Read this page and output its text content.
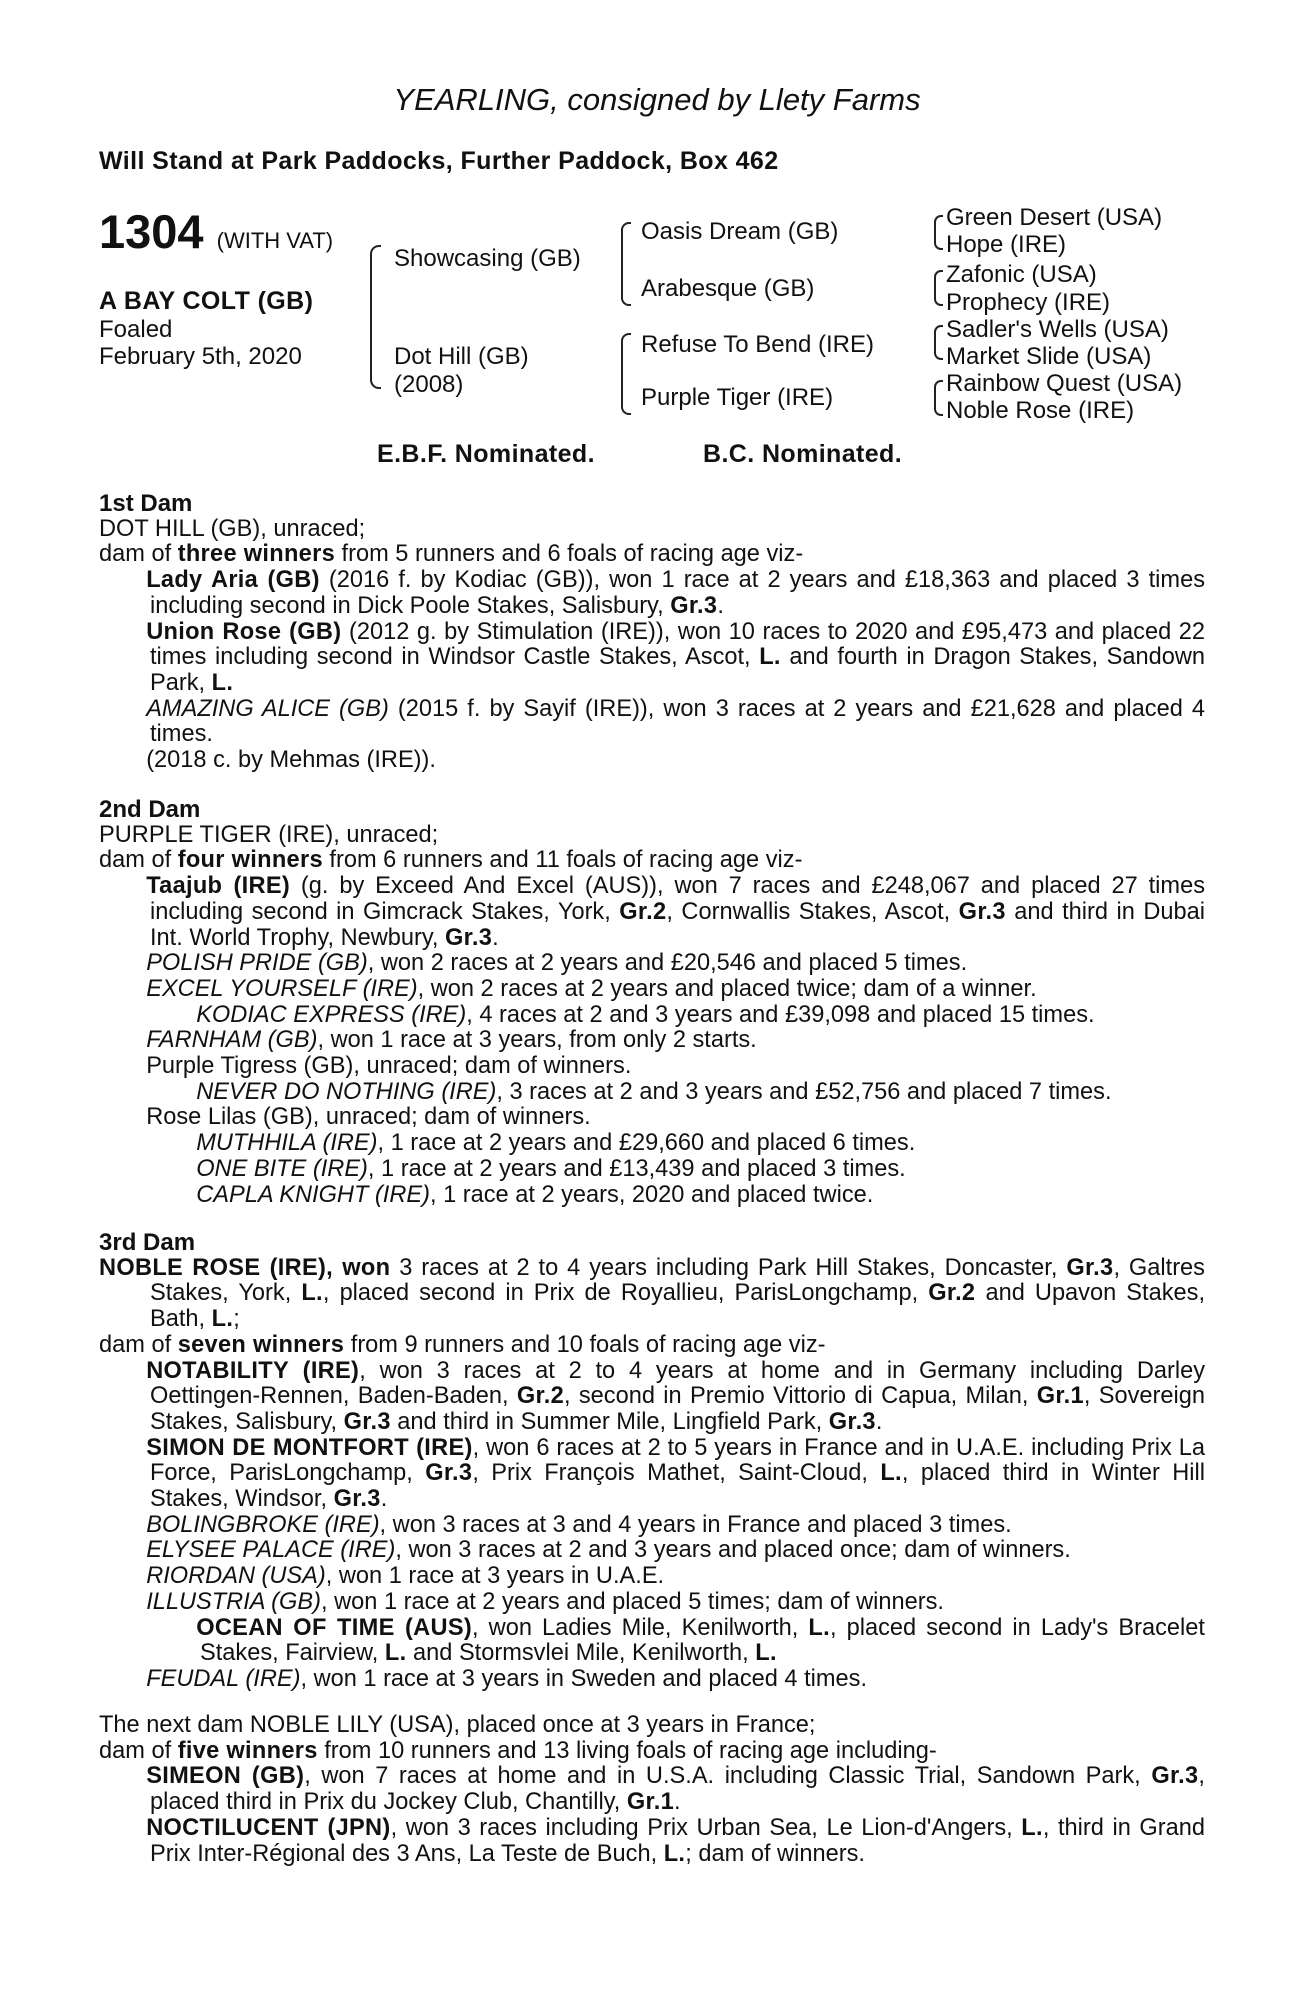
YEARLING, consigned by Llety Farms
Will Stand at Park Paddocks, Further Paddock, Box 462
1304 (WITH VAT)
A BAY COLT (GB)
Foaled
February 5th, 2020
Showcasing (GB)
Dot Hill (GB)
(2008)
Oasis Dream (GB)
Arabesque (GB)
Refuse To Bend (IRE)
Purple Tiger (IRE)
Green Desert (USA)
Hope (IRE)
Zafonic (USA)
Prophecy (IRE)
Sadler's Wells (USA)
Market Slide (USA)
Rainbow Quest (USA)
Noble Rose (IRE)
E.B.F. Nominated.	B.C. Nominated.
1st Dam

DOT HILL (GB), unraced;

dam of three winners from 5 runners and 6 foals of racing age viz-

  Lady Aria (GB) (2016 f. by Kodiac (GB)), won 1 race at 2 years and £18,363 and placed 3 times including second in Dick Poole Stakes, Salisbury, Gr.3.

  Union Rose (GB) (2012 g. by Stimulation (IRE)), won 10 races to 2020 and £95,473 and placed 22 times including second in Windsor Castle Stakes, Ascot, L. and fourth in Dragon Stakes, Sandown Park, L.

  AMAZING ALICE (GB) (2015 f. by Sayif (IRE)), won 3 races at 2 years and £21,628 and placed 4 times.

  (2018 c. by Mehmas (IRE)).

2nd Dam

PURPLE TIGER (IRE), unraced;

dam of four winners from 6 runners and 11 foals of racing age viz-

  Taajub (IRE) (g. by Exceed And Excel (AUS)), won 7 races and £248,067 and placed 27 times including second in Gimcrack Stakes, York, Gr.2, Cornwallis Stakes, Ascot, Gr.3 and third in Dubai Int. World Trophy, Newbury, Gr.3.

  POLISH PRIDE (GB), won 2 races at 2 years and £20,546 and placed 5 times.

  EXCEL YOURSELF (IRE), won 2 races at 2 years and placed twice; dam of a winner.

  KODIAC EXPRESS (IRE), 4 races at 2 and 3 years and £39,098 and placed 15 times.

  FARNHAM (GB), won 1 race at 3 years, from only 2 starts.

  Purple Tigress (GB), unraced; dam of winners.

  NEVER DO NOTHING (IRE), 3 races at 2 and 3 years and £52,756 and placed 7 times.

  Rose Lilas (GB), unraced; dam of winners.

  MUTHHILA (IRE), 1 race at 2 years and £29,660 and placed 6 times.

  ONE BITE (IRE), 1 race at 2 years and £13,439 and placed 3 times.

  CAPLA KNIGHT (IRE), 1 race at 2 years, 2020 and placed twice.

3rd Dam

NOBLE ROSE (IRE), won 3 races at 2 to 4 years including Park Hill Stakes, Doncaster, Gr.3, Galtres Stakes, York, L., placed second in Prix de Royallieu, ParisLongchamp, Gr.2 and Upavon Stakes, Bath, L.;

dam of seven winners from 9 runners and 10 foals of racing age viz-

  NOTABILITY (IRE), won 3 races at 2 to 4 years at home and in Germany including Darley Oettingen-Rennen, Baden-Baden, Gr.2, second in Premio Vittorio di Capua, Milan, Gr.1, Sovereign Stakes, Salisbury, Gr.3 and third in Summer Mile, Lingfield Park, Gr.3.

  SIMON DE MONTFORT (IRE), won 6 races at 2 to 5 years in France and in U.A.E. including Prix La Force, ParisLongchamp, Gr.3, Prix François Mathet, Saint-Cloud, L., placed third in Winter Hill Stakes, Windsor, Gr.3.

  BOLINGBROKE (IRE), won 3 races at 3 and 4 years in France and placed 3 times.

  ELYSEE PALACE (IRE), won 3 races at 2 and 3 years and placed once; dam of winners.

  RIORDAN (USA), won 1 race at 3 years in U.A.E.

  ILLUSTRIA (GB), won 1 race at 2 years and placed 5 times; dam of winners.

  OCEAN OF TIME (AUS), won Ladies Mile, Kenilworth, L., placed second in Lady's Bracelet Stakes, Fairview, L. and Stormsvlei Mile, Kenilworth, L.

  FEUDAL (IRE), won 1 race at 3 years in Sweden and placed 4 times.

The next dam NOBLE LILY (USA), placed once at 3 years in France;

dam of five winners from 10 runners and 13 living foals of racing age including-

  SIMEON (GB), won 7 races at home and in U.S.A. including Classic Trial, Sandown Park, Gr.3, placed third in Prix du Jockey Club, Chantilly, Gr.1.

  NOCTILUCENT (JPN), won 3 races including Prix Urban Sea, Le Lion-d'Angers, L., third in Grand Prix Inter-Régional des 3 Ans, La Teste de Buch, L.; dam of winners.
